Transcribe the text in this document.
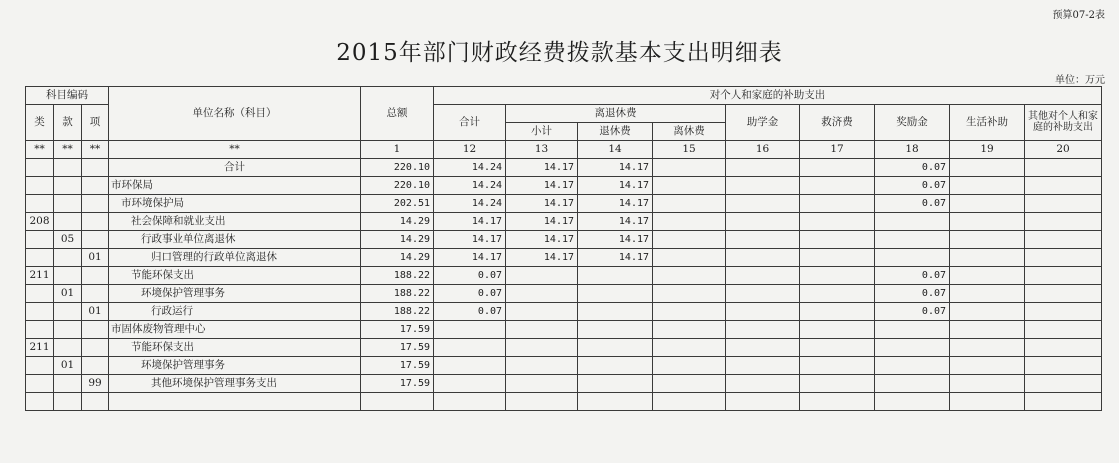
预算07-2表
2015年部门财政经费拨款基本支出明细表
单位：万元
科目编码			单位名称（科目）	总额	对个人和家庭的补助支出								
类	款	项			合计	离退休费			助学金	救济费	奖励金	生活补助	其他对个人和家庭的补助支出
						小计	退休费	离休费					
**	**	**	**	1	12	13	14	15	16	17	18	19	20
			合计	220.10	14.24	14.17	14.17				0.07		
			市环保局	220.10	14.24	14.17	14.17				0.07		
			市环境保护局	202.51	14.24	14.17	14.17				0.07		
208			社会保障和就业支出	14.29	14.17	14.17	14.17						
	05		行政事业单位离退休	14.29	14.17	14.17	14.17						
		01	归口管理的行政单位离退休	14.29	14.17	14.17	14.17						
211			节能环保支出	188.22	0.07						0.07		
	01		环境保护管理事务	188.22	0.07						0.07		
		01	行政运行	188.22	0.07						0.07		
			市固体废物管理中心	17.59									
211			节能环保支出	17.59									
	01		环境保护管理事务	17.59									
		99	其他环境保护管理事务支出	17.59									
